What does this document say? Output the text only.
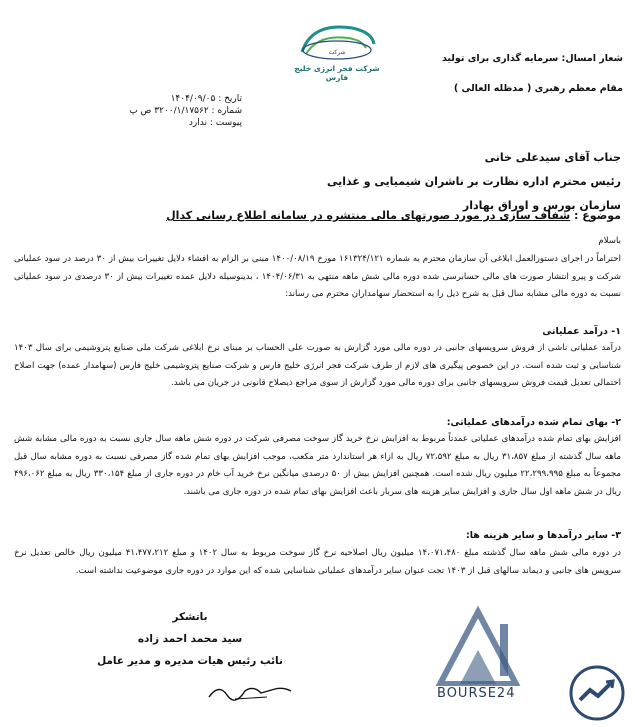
شعار امسال: سرمایه گذاری برای تولید
مقام معظم رهبری ( مدظله العالی )
شرکت
شرکت فجر انرژی خلیج فارس
تاریخ : ۱۴۰۴/۰۹/۰۵
شماره : ۳۲۰۰/۱/۱۷۵۶۲ ص پ
پیوست : ندارد
جناب آقای سیدعلی خانی
رئیس محترم اداره نظارت بر ناشران شیمیایی و غذایی
سازمان بورس و اوراق بهادار
موضوع : شفاف سازی در مورد صورتهای مالی منتشره در سامانه اطلاع رسانی کدال
باسلام
احتراماً در اجرای دستورالعمل ابلاغی آن سازمان محترم به شماره ۱۶۱۳۲۴/۱۲۱ مورخ ۱۴۰۰/۰۸/۱۹ مبنی بر الزام به افشاء دلایل تغییرات بیش از ۳۰ درصد در سود عملیاتی شرکت و پیرو انتشار صورت های مالی حسابرسی شده دوره مالی شش ماهه منتهی به ۱۴۰۴/۰۶/۳۱ ، بدینوسیله دلایل عمده تغییرات بیش از ۳۰ درصدی در سود عملیاتی نسبت به دوره مالی مشابه سال قبل به شرح ذیل را به استحضار سهامداران محترم می رساند:
۱- درآمد عملیاتی
درآمد عملیاتی ناشی از فروش سرویسهای جانبی در دوره مالی مورد گزارش به صورت علی الحساب بر مبنای نرخ ابلاغی شرکت ملی صنایع پتروشیمی برای سال ۱۴۰۳ شناسایی و ثبت شده است. در این خصوص پیگیری های لازم از طرف شرکت فجر انرژی خلیج فارس و شرکت صنایع پتروشیمی خلیج فارس (سهامدار عمده) جهت اصلاح احتمالی تعدیل قیمت فروش سرویسهای جانبی برای دوره مالی مورد گزارش از سوی مراجع ذیصلاح قانونی در جریان می باشد.
۲- بهای تمام شده درآمدهای عملیاتی:
افزایش بهای تمام شده درآمدهای عملیاتی عمدتاً مربوط به افزایش نرخ خرید گاز سوخت مصرفی شرکت در دوره شش ماهه سال جاری نسبت به دوره مالی مشابه شش ماهه سال گذشته از مبلغ ۳۱،۸۵۷ ریال به مبلغ ۷۲،۵۹۲ ریال به ازاء هر استاندارد متر مکعب، موجب افزایش بهای تمام شده گاز مصرفی نسبت به دوره مشابه سال قبل مجموعاً به مبلغ ۲۲،۲۹۹،۹۹۵ میلیون ریال شده است. همچنین افزایش بیش از ۵۰ درصدی میانگین نرخ خرید آب خام در دوره جاری از مبلغ ۳۳۰،۱۵۴ ریال به مبلغ ۴۹۶،۰۶۲ ریال در شش ماهه اول سال جاری و افزایش سایر هزینه های سربار باعث افزایش بهای تمام شده در دوره جاری می باشند.
۳- سایر درآمدها و سایر هزینه ها:
در دوره مالی شش ماهه سال گذشته مبلغ ۱۴،۰۷۱،۴۸۰ میلیون ریال اصلاحیه نرخ گاز سوخت مربوط به سال ۱۴۰۲ و مبلغ ۴۱،۴۷۷،۲۱۲ میلیون ریال خالص تعدیل نرخ سرویس های جانبی و دیماند سالهای قبل از ۱۴۰۳ تحت عنوان سایر درآمدهای عملیاتی شناسایی شده که این موارد در دوره جاری موضوعیت نداشته است.
باتشکر
سید محمد احمد زاده
نائب رئیس هیات مدیره و مدیر عامل
BOURSE24
